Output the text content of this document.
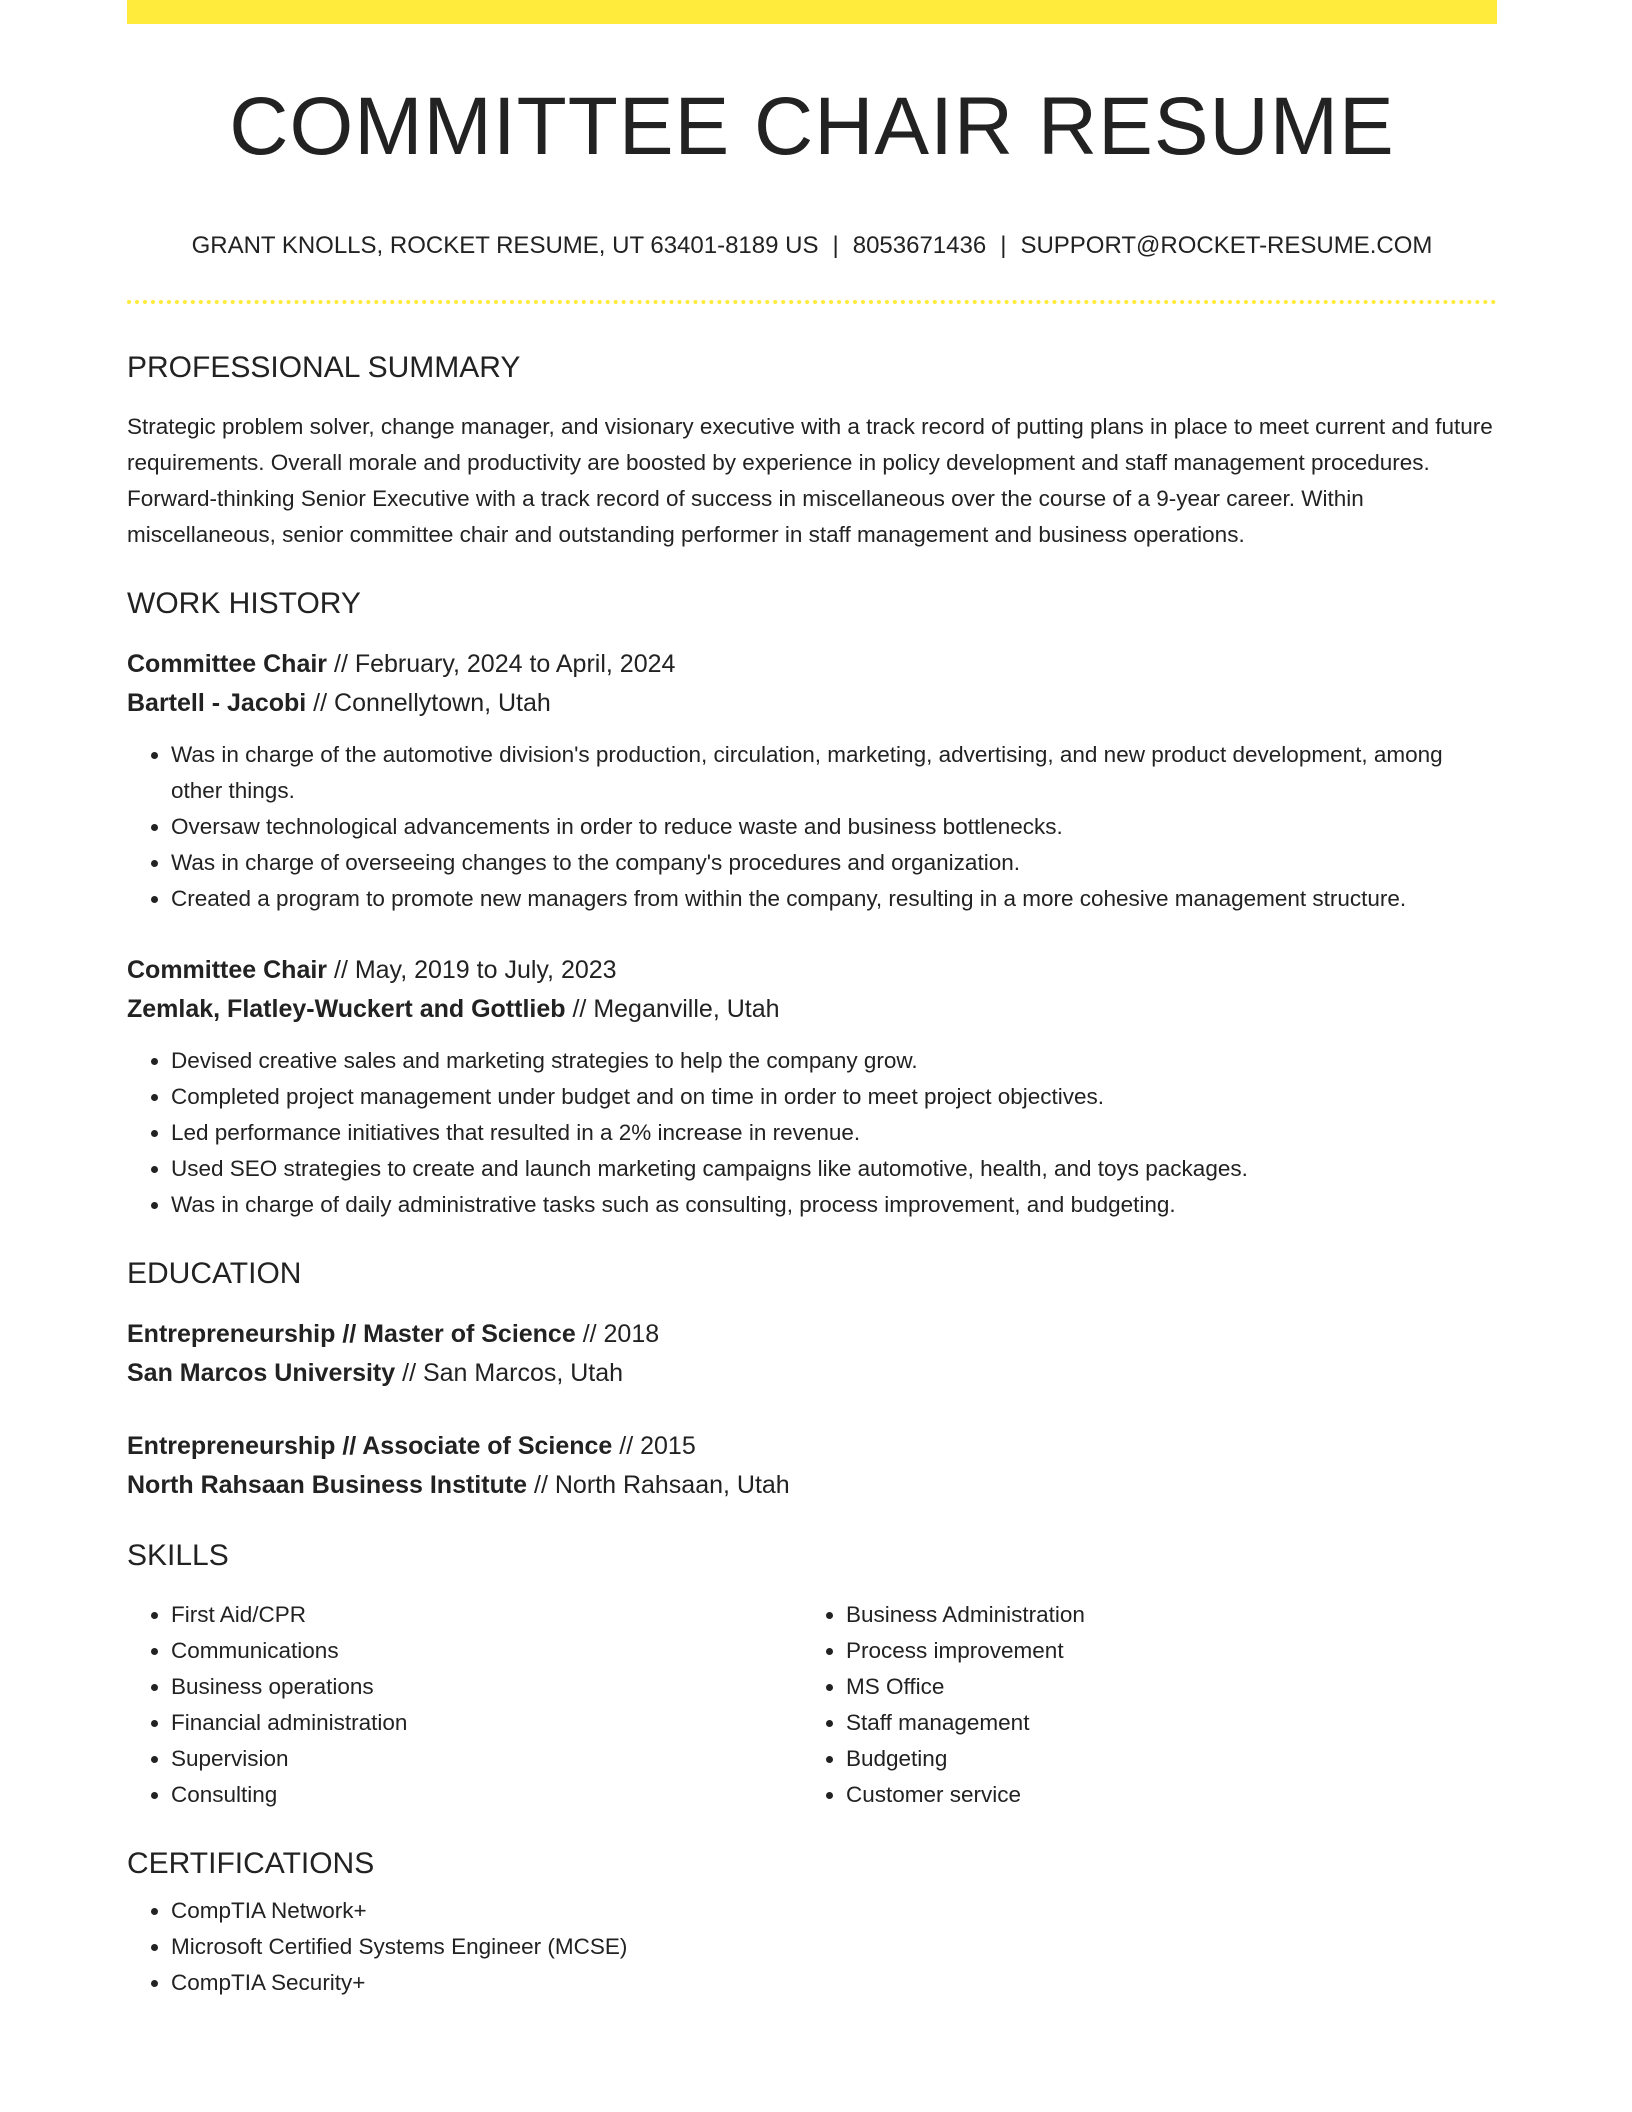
COMMITTEE CHAIR RESUME
GRANT KNOLLS, ROCKET RESUME, UT 63401-8189 US | 8053671436 | SUPPORT@ROCKET-RESUME.COM
PROFESSIONAL SUMMARY

Strategic problem solver, change manager, and visionary executive with a track record of putting plans in place to meet current and future requirements. Overall morale and productivity are boosted by experience in policy development and staff management procedures. Forward-thinking Senior Executive with a track record of success in miscellaneous over the course of a 9-year career. Within miscellaneous, senior committee chair and outstanding performer in staff management and business operations.

WORK HISTORY

Committee Chair // February, 2024 to April, 2024

Bartell - Jacobi // Connellytown, Utah

• Was in charge of the automotive division's production, circulation, marketing, advertising, and new product development, among other things.
• Oversaw technological advancements in order to reduce waste and business bottlenecks.
• Was in charge of overseeing changes to the company's procedures and organization.
• Created a program to promote new managers from within the company, resulting in a more cohesive management structure.

Committee Chair // May, 2019 to July, 2023

Zemlak, Flatley-Wuckert and Gottlieb // Meganville, Utah

• Devised creative sales and marketing strategies to help the company grow.
• Completed project management under budget and on time in order to meet project objectives.
• Led performance initiatives that resulted in a 2% increase in revenue.
• Used SEO strategies to create and launch marketing campaigns like automotive, health, and toys packages.
• Was in charge of daily administrative tasks such as consulting, process improvement, and budgeting.
EDUCATION

Entrepreneurship // Master of Science // 2018

San Marcos University // San Marcos, Utah

Entrepreneurship // Associate of Science // 2015

North Rahsaan Business Institute // North Rahsaan, Utah

SKILLS
• First Aid/CPR
• Communications
• Business operations
• Financial administration
• Supervision
• Consulting
• Business Administration
• Process improvement
• MS Office
• Staff management
• Budgeting
• Customer service
CERTIFICATIONS
• CompTIA Network+
• Microsoft Certified Systems Engineer (MCSE)
• CompTIA Security+
